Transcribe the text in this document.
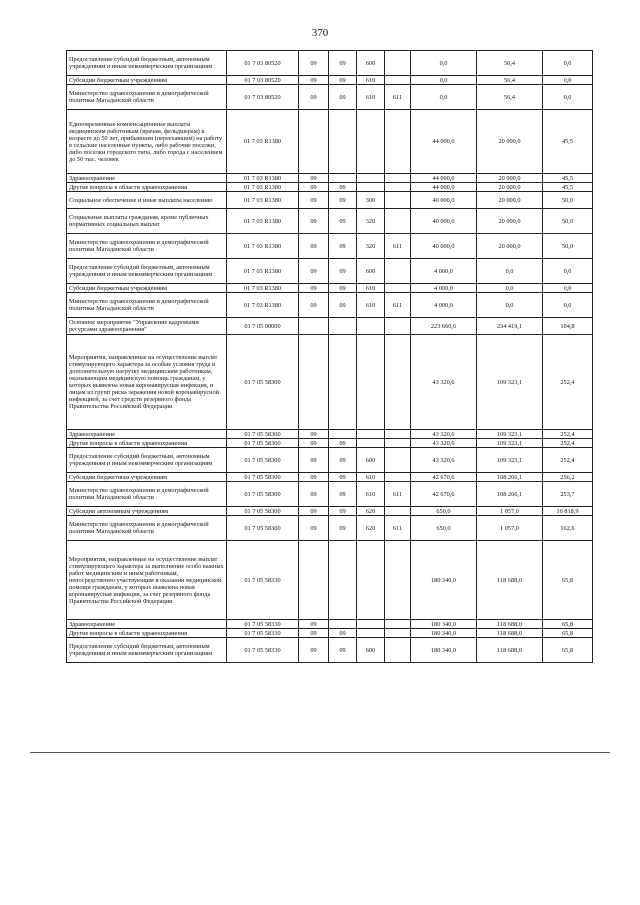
370
Предоставление субсидий бюджетным, автономным учреждениям и иным некоммерческим организациям	01 7 03 80520	09	09	600		0,0	56,4	0,0
Субсидии бюджетным учреждениям	01 7 03 80520	09	09	610		0,0	56,4	0,0
Министерство здравоохранения и демографической политики Магаданской области	01 7 03 80520	09	09	610	611	0,0	56,4	0,0
Единовременные компенсационные выплаты медицинским работникам (врачам, фельдшерам) в возрасте до 50 лет, прибывшим (переехавшим) на работу в сельские населенные пункты, либо рабочие поселки, либо поселки городского типа, либо города с населением до 50 тыс. человек	01 7 03 R1380					44 000,0	20 000,0	45,5
Здравоохранение	01 7 03 R1380	09				44 000,0	20 000,0	45,5
Другие вопросы в области здравоохранения	01 7 03 R1380	09	09			44 000,0	20 000,0	45,5
Социальное обеспечение и иные выплаты населению	01 7 03 R1380	09	09	300		40 000,0	20 000,0	50,0
Социальные выплаты гражданам, кроме публичных нормативных социальных выплат	01 7 03 R1380	09	09	320		40 000,0	20 000,0	50,0
Министерство здравоохранения и демографической политики Магаданской области	01 7 03 R1380	09	09	320	611	40 000,0	20 000,0	50,0
Предоставление субсидий бюджетным, автономным учреждениям и иным некоммерческим организациям	01 7 03 R1380	09	09	600		4 000,0	0,0	0,0
Субсидии бюджетным учреждениям	01 7 03 R1380	09	09	610		4 000,0	0,0	0,0
Министерство здравоохранения и демографической политики Магаданской области	01 7 03 R1380	09	09	610	611	4 000,0	0,0	0,0
Основное мероприятие "Управление кадровыми ресурсами здравоохранения"	01 7 05 00000					223 660,6	234 419,1	104,8
Мероприятия, направленные на осуществление выплат стимулирующего характера за особые условия труда и дополнительную нагрузку медицинским работникам, оказывающим медицинскую помощь гражданам, у которых выявлена новая коронавирусная инфекция, и лицам из групп риска заражения новой коронавирусной инфекцией, за счет средств резервного фонда Правительства Российской Федерации	01 7 05 58300					43 320,6	109 323,1	252,4
Здравоохранение	01 7 05 58300	09				43 320,6	109 323,1	252,4
Другие вопросы в области здравоохранения	01 7 05 58300	09	09			43 320,6	109 323,1	252,4
Предоставление субсидий бюджетным, автономным учреждениям и иным некоммерческим организациям	01 7 05 58300	09	09	600		43 320,6	109 323,1	252,4
Субсидии бюджетным учреждениям	01 7 05 58300	09	09	610		42 670,6	108 266,1	256,2
Министерство здравоохранения и демографической политики Магаданской области	01 7 05 58300	09	09	610	611	42 670,6	108 266,1	253,7
Субсидии автономным учреждениям	01 7 05 58300	09	09	620		650,0	1 057,0	16 818,9
Министерство здравоохранения и демографической политики Магаданской области	01 7 05 58300	09	09	620	611	650,0	1 057,0	162,6
Мероприятия, направленные на осуществление выплат стимулирующего характера за выполнение особо важных работ медицинским и иным работникам, непосредственно участвующим в оказании медицинской помощи гражданам, у которых выявлена новая коронавирусная инфекция, за счет резервного фонда Правительства Российской Федерации	01 7 05 58330					180 340,0	118 688,0	65,8
Здравоохранение	01 7 05 58330	09				180 340,0	118 688,0	65,8
Другие вопросы в области здравоохранения	01 7 05 58330	09	09			180 340,0	118 688,0	65,8
Предоставление субсидий бюджетным, автономным учреждениям и иным некоммерческим организациям	01 7 05 58330	09	09	600		180 340,0	118 688,0	65,8
